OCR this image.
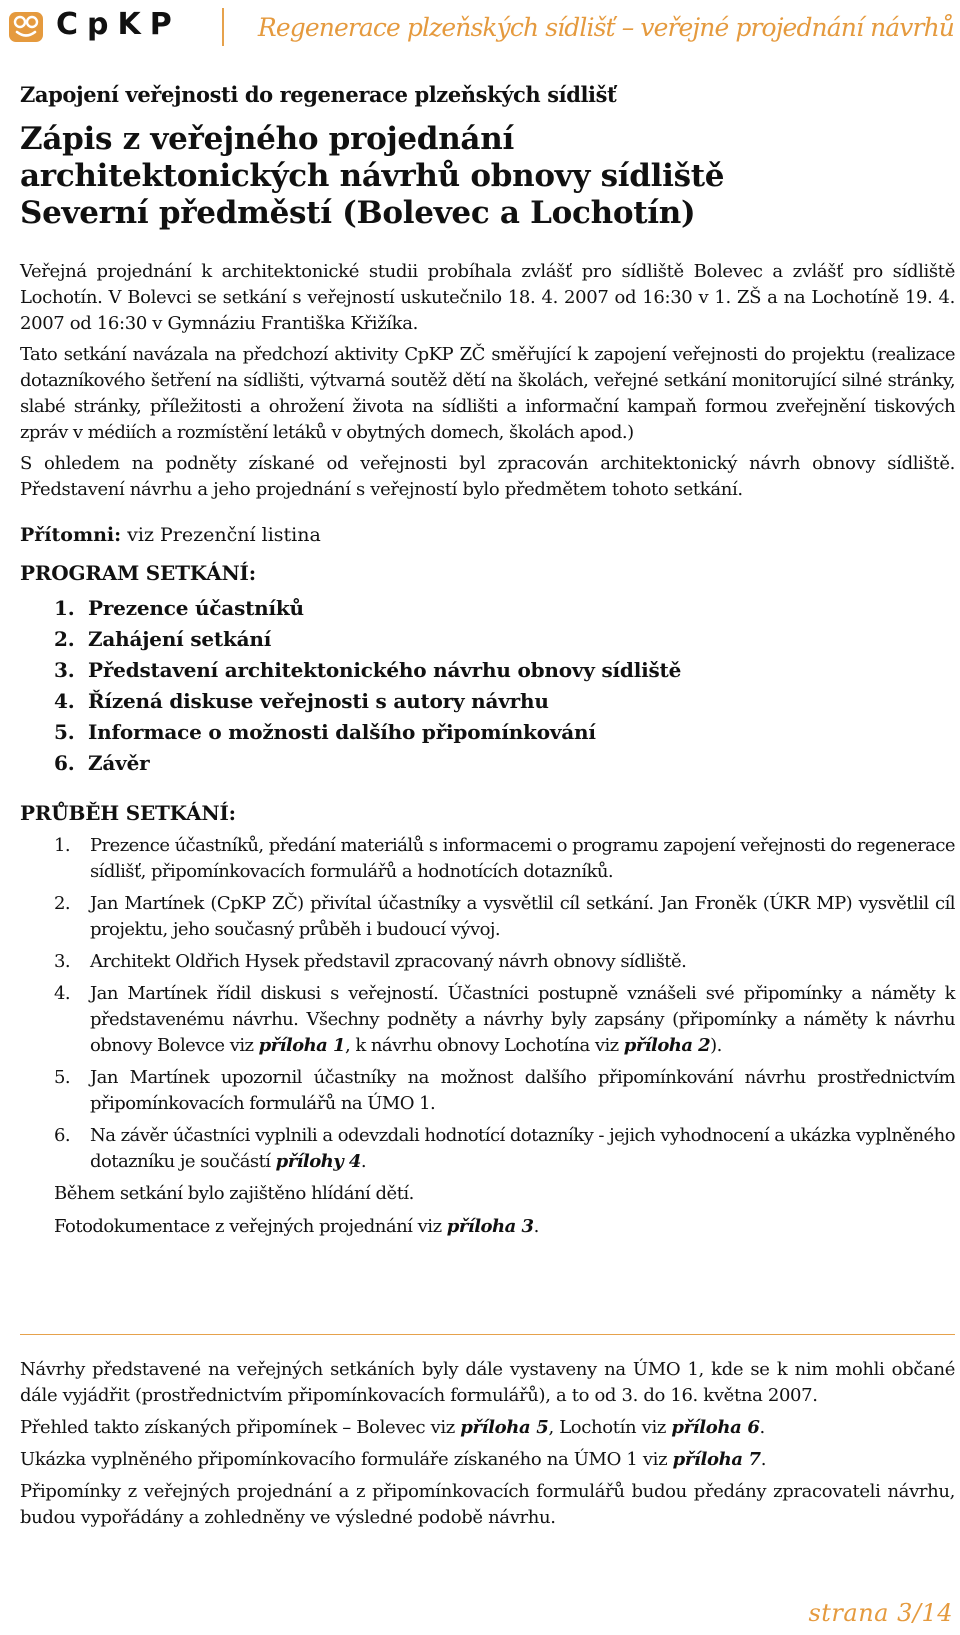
CpKP	Regenerace plzeňských sídlišť – veřejné projednání návrhů
Zapojení veřejnosti do regenerace plzeňských sídlišť
Zápis z veřejného projednání
architektonických návrhů obnovy sídliště
Severní předměstí (Bolevec a Lochotín)

Veřejná projednání k architektonické studii probíhala zvlášť pro sídliště Bolevec a zvlášť pro sídliště Lochotín. V Bolevci se setkání s veřejností uskutečnilo 18. 4. 2007 od 16:30 v 1. ZŠ a na Lochotíně 19. 4. 2007 od 16:30 v Gymnáziu Františka Křižíka.

Tato setkání navázala na předchozí aktivity CpKP ZČ směřující k zapojení veřejnosti do projektu (realizace dotazníkového šetření na sídlišti, výtvarná soutěž dětí na školách, veřejné setkání monitorující silné stránky, slabé stránky, příležitosti a ohrožení života na sídlišti a informační kampaň formou zveřejnění tiskových zpráv v médiích a rozmístění letáků v obytných domech, školách apod.)

S ohledem na podněty získané od veřejnosti byl zpracován architektonický návrh obnovy sídliště. Představení návrhu a jeho projednání s veřejností bylo předmětem tohoto setkání.

Přítomni: viz Prezenční listina
PROGRAM SETKÁNÍ:
1. Prezence účastníků
2. Zahájení setkání
3. Představení architektonického návrhu obnovy sídliště
4. Řízená diskuse veřejnosti s autory návrhu
5. Informace o možnosti dalšího připomínkování
6. Závěr
PRŮBĚH SETKÁNÍ:
1.	Prezence účastníků, předání materiálů s informacemi o programu zapojení veřejnosti do regenerace sídlišť, připomínkovacích formulářů a hodnotících dotazníků.
2.	Jan Martínek (CpKP ZČ) přivítal účastníky a vysvětlil cíl setkání. Jan Froněk (ÚKR MP) vysvětlil cíl projektu, jeho současný průběh i budoucí vývoj.
3.	Architekt Oldřich Hysek představil zpracovaný návrh obnovy sídliště.
4.	Jan Martínek řídil diskusi s veřejností. Účastníci postupně vznášeli své připomínky a náměty k představenému návrhu. Všechny podněty a návrhy byly zapsány (připomínky a náměty k návrhu obnovy Bolevce viz příloha 1, k návrhu obnovy Lochotína viz příloha 2).
5.	Jan Martínek upozornil účastníky na možnost dalšího připomínkování návrhu prostřednictvím připomínkovacích formulářů na ÚMO 1.
6.	Na závěr účastníci vyplnili a odevzdali hodnotící dotazníky - jejich vyhodnocení a ukázka vyplněného dotazníku je součástí přílohy 4.
Během setkání bylo zajištěno hlídání dětí.
Fotodokumentace z veřejných projednání viz příloha 3.

Návrhy představené na veřejných setkáních byly dále vystaveny na ÚMO 1, kde se k nim mohli občané dále vyjádřit (prostřednictvím připomínkovacích formulářů), a to od 3. do 16. května 2007.

Přehled takto získaných připomínek – Bolevec viz příloha 5, Lochotín viz příloha 6.

Ukázka vyplněného připomínkovacího formuláře získaného na ÚMO 1 viz příloha 7.

Připomínky z veřejných projednání a z připomínkovacích formulářů budou předány zpracovateli návrhu, budou vypořádány a zohledněny ve výsledné podobě návrhu.

strana 3/14
